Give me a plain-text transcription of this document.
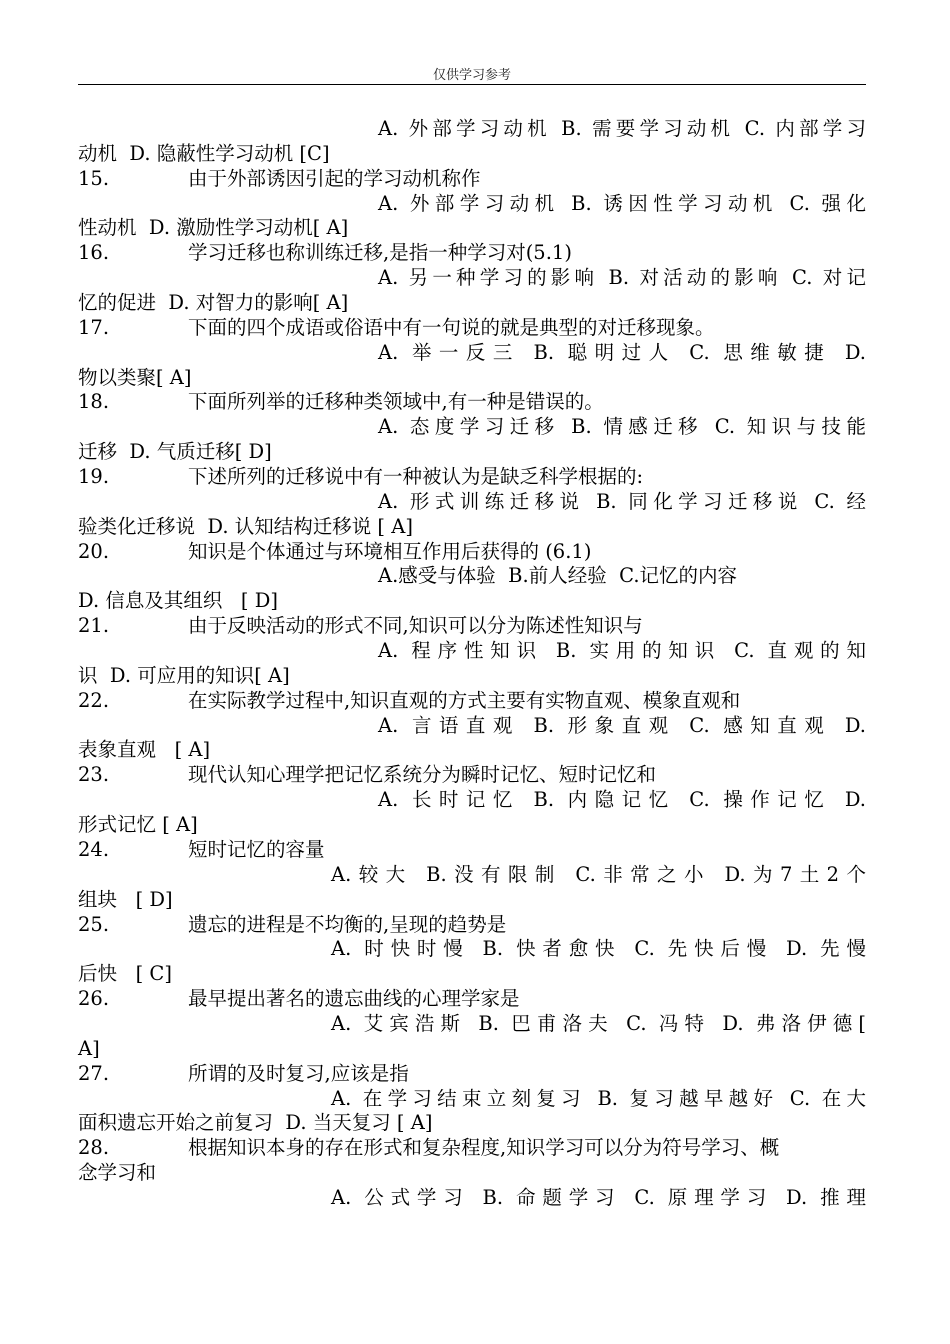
仅供学习参考
A. 外部学习动机 B. 需要学习动机 C. 内部学习
动机  D. 隐蔽性学习动机 [C]
15.	由于外部诱因引起的学习动机称作
A. 外部学习动机 B. 诱因性学习动机 C. 强化
性动机  D. 激励性学习动机[ A]
16.	学习迁移也称训练迁移,是指一种学习对(5.1)
A. 另一种学习的影响 B. 对活动的影响 C. 对记
忆的促进  D. 对智力的影响[ A]
17.	下面的四个成语或俗语中有一句说的就是典型的对迁移现象。
A. 举一反三 B. 聪明过人 C. 思维敏捷 D.
物以类聚[ A]
18.	下面所列举的迁移种类领域中,有一种是错误的。
A. 态度学习迁移 B. 情感迁移 C. 知识与技能
迁移  D. 气质迁移[ D]
19.	下述所列的迁移说中有一种被认为是缺乏科学根据的:
A. 形式训练迁移说 B. 同化学习迁移说 C. 经
验类化迁移说  D. 认知结构迁移说 [ A]
20.	知识是个体通过与环境相互作用后获得的 (6.1)
A.感受与体验  B.前人经验  C.记忆的内容
D. 信息及其组织   [ D]
21.	由于反映活动的形式不同,知识可以分为陈述性知识与
A. 程序性知识 B. 实用的知识 C. 直观的知
识  D. 可应用的知识[ A]
22.	在实际教学过程中,知识直观的方式主要有实物直观、模象直观和
A. 言语直观 B. 形象直观 C. 感知直观 D.
表象直观   [ A]
23.	现代认知心理学把记忆系统分为瞬时记忆、短时记忆和
A. 长时记忆 B. 内隐记忆 C. 操作记忆 D.
形式记忆 [ A]
24.	短时记忆的容量
A.较大 B.没有限制 C.非常之小 D.为7土2个
组块   [ D]
25.	遗忘的进程是不均衡的,呈现的趋势是
A. 时快时慢 B. 快者愈快 C. 先快后慢 D. 先慢
后快   [ C]
26.	最早提出著名的遗忘曲线的心理学家是
A. 艾宾浩斯 B. 巴甫洛夫 C. 冯特 D. 弗洛伊德[
A]
27.	所谓的及时复习,应该是指
A. 在学习结束立刻复习 B. 复习越早越好 C. 在大
面积遗忘开始之前复习  D. 当天复习 [ A]
28.	根据知识本身的存在形式和复杂程度,知识学习可以分为符号学习、概
念学习和
A. 公式学习 B. 命题学习 C. 原理学习 D. 推理
